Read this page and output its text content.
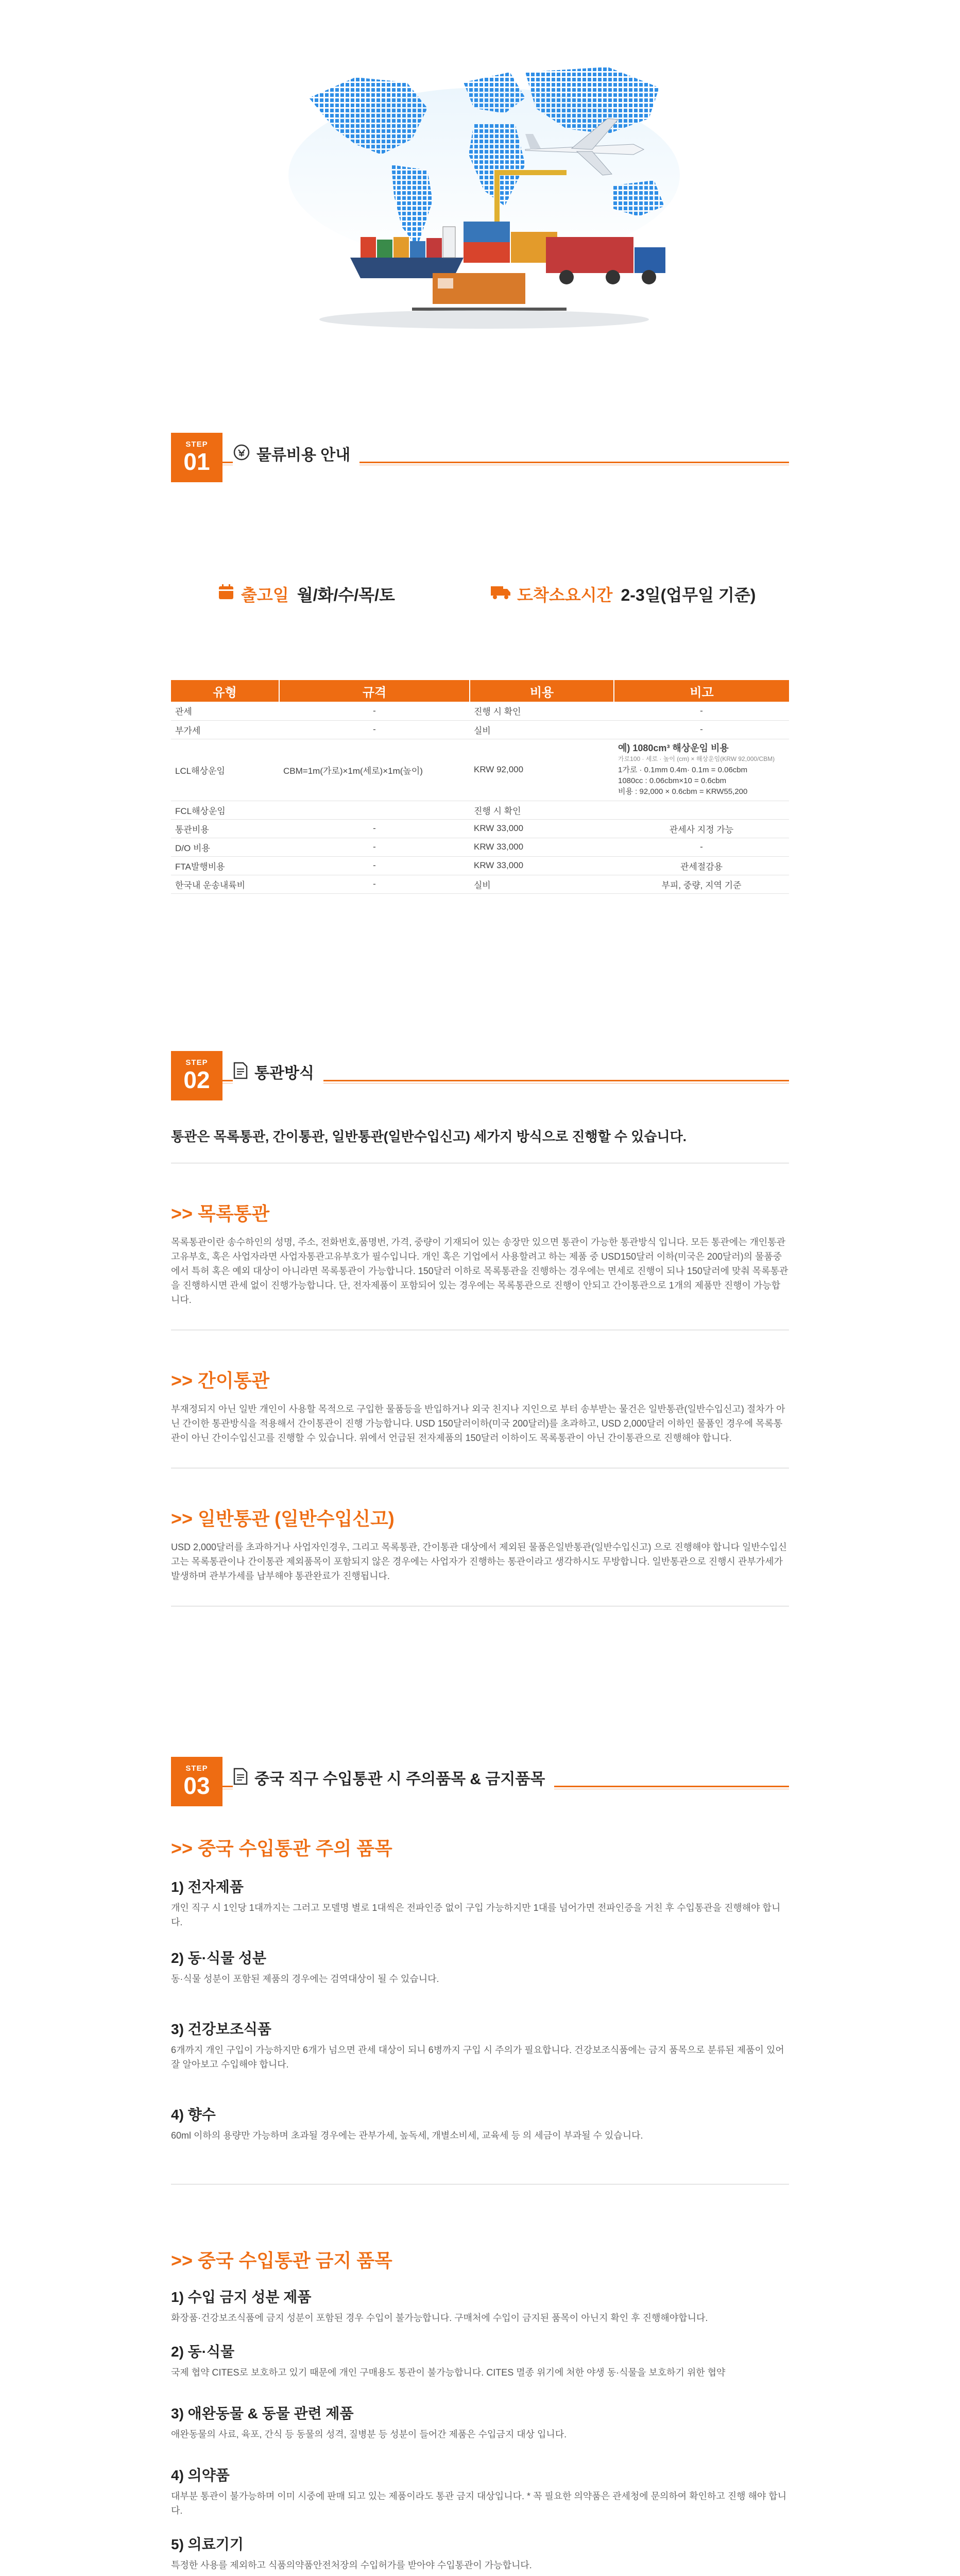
STEP
01	물류비용 안내
출고일 월/화/수/목/토	도착소요시간 2-3일(업무일 기준)
유형	규격	비용	비고
관세	-	진행 시 확인	-
부가세	-	실비	-
LCL해상운임	CBM=1m(가로)×1m(세로)×1m(높이)	KRW 92,000	예) 1080cm³ 해상운임 비용
가로100 · 세로 · 높이 (cm) × 해상운임(KRW 92,000/CBM)
1가로 · 0.1mm 0.4m· 0.1m = 0.06cbm
1080cc : 0.06cbm×10 = 0.6cbm
비용 : 92,000 × 0.6cbm = KRW55,200

FCL해상운임		진행 시 확인	
통관비용	-	KRW 33,000	관세사 지정 가능
D/O 비용	-	KRW 33,000	-
FTA발행비용	-	KRW 33,000	관세절감용
한국내 운송내륙비	-	실비	부피, 중량, 지역 기준
STEP
02	통관방식

통관은 목록통관, 간이통관, 일반통관(일반수입신고) 세가지 방식으로 진행할 수 있습니다.

>> 목록통관

목록통관이란 송수하인의 성명, 주소, 전화번호,품명번, 가격, 중량이 기재되어 있는 송장만 있으면 통관이 가능한 통관방식 입니다. 모든 통관에는 개인통관고유부호, 혹은 사업자라면 사업자통관고유부호가 필수입니다. 개인 혹은 기업에서 사용할려고 하는 제품 중 USD150달러 이하(미국은 200달러)의 물품중에서 특허 혹은 예외 대상이 아니라면 목록통관이 가능합니다. 150달러 이하로 목록통관을 진행하는 경우에는 면세로 진행이 되나 150달러에 맞춰 목록통관을 진행하시면 관세 없이 진행가능합니다. 단, 전자제품이 포함되어 있는 경우에는 목록통관으로 진행이 안되고 간이통관으로 1개의 제품만 진행이 가능합니다.

>> 간이통관

부재정되지 아닌 일반 개인이 사용할 목적으로 구입한 물품등을 반입하거나 외국 친지나 지인으로 부터 송부받는 물건은 일반통관(일반수입신고) 절차가 아닌 간이한 통관방식을 적용해서 간이통관이 진행 가능합니다. USD 150달러이하(미국 200달러)를 초과하고, USD 2,000달러 이하인 물품인 경우에 목록통관이 아닌 간이수입신고를 진행할 수 있습니다. 위에서 언급된 전자제품의 150달러 이하이도 목록통관이 아닌 간이통관으로 진행해야 합니다.

>> 일반통관 (일반수입신고)

USD 2,000달러를 초과하거나 사업자인경우, 그리고 목록통관, 간이통관 대상에서 제외된 물품은일반통관(일반수입신고) 으로 진행해야 합니다 일반수입신고는 목록통관이나 간이통관 제외품목이 포함되지 않은 경우에는 사업자가 진행하는 통관이라고 생각하시도 무방합니다. 일반통관으로 진행시 관부가세가 발생하며 관부가세를 납부해야 통관완료가 진행됩니다.

STEP
03	중국 직구 수입통관 시 주의품목 & 금지품목
>> 중국 수입통관 주의 품목
1) 전자제품

개인 직구 시 1인당 1대까지는 그러고 모델명 별로 1대씩은 전파인증 없이 구입 가능하지만 1대를 넘어가면 전파인증을 거친 후 수입통관을 진행해야 합니다.

2) 동·식물 성분

동·식물 성분이 포함된 제품의 경우에는 검역대상이 될 수 있습니다.

3) 건강보조식품

6개까지 개인 구입이 가능하지만 6개가 넘으면 관세 대상이 되니 6병까지 구입 시 주의가 필요합니다. 건강보조식품에는 금지 품목으로 분류된 제품이 있어 잘 알아보고 수입해야 합니다.

4) 향수

60ml 이하의 용량만 가능하며 초과될 경우에는 관부가세, 높독세, 개별소비세, 교육세 등 의 세금이 부과될 수 있습니다.

>> 중국 수입통관 금지 품목
1) 수입 금지 성분 제품

화장품·건강보조식품에 금지 성분이 포함된 경우 수입이 불가능합니다. 구매처에 수입이 금지된 품목이 아닌지 확인 후 진행해야합니다.

2) 동·식물

국제 협약 CITES로 보호하고 있기 때문에 개인 구매용도 통관이 불가능합니다. CITES 멸종 위기에 처한 야생 동·식물을 보호하기 위한 협약

3) 애완동물 & 동물 관련 제품

애완동물의 사료, 육포, 간식 등 동물의 성격, 질병분 등 성분이 들어간 제품은 수입금지 대상 입니다.

4) 의약품

대부분 통관이 불가능하며 이미 시중에 판매 되고 있는 제품이라도 통관 금지 대상입니다. * 꼭 필요한 의약품은 관세청에 문의하여 확인하고 진행 해야 합니다.

5) 의료기기

특정한 사용를 제외하고 식품의약품안전처장의 수입허가를 받아야 수입통관이 가능합니다.
